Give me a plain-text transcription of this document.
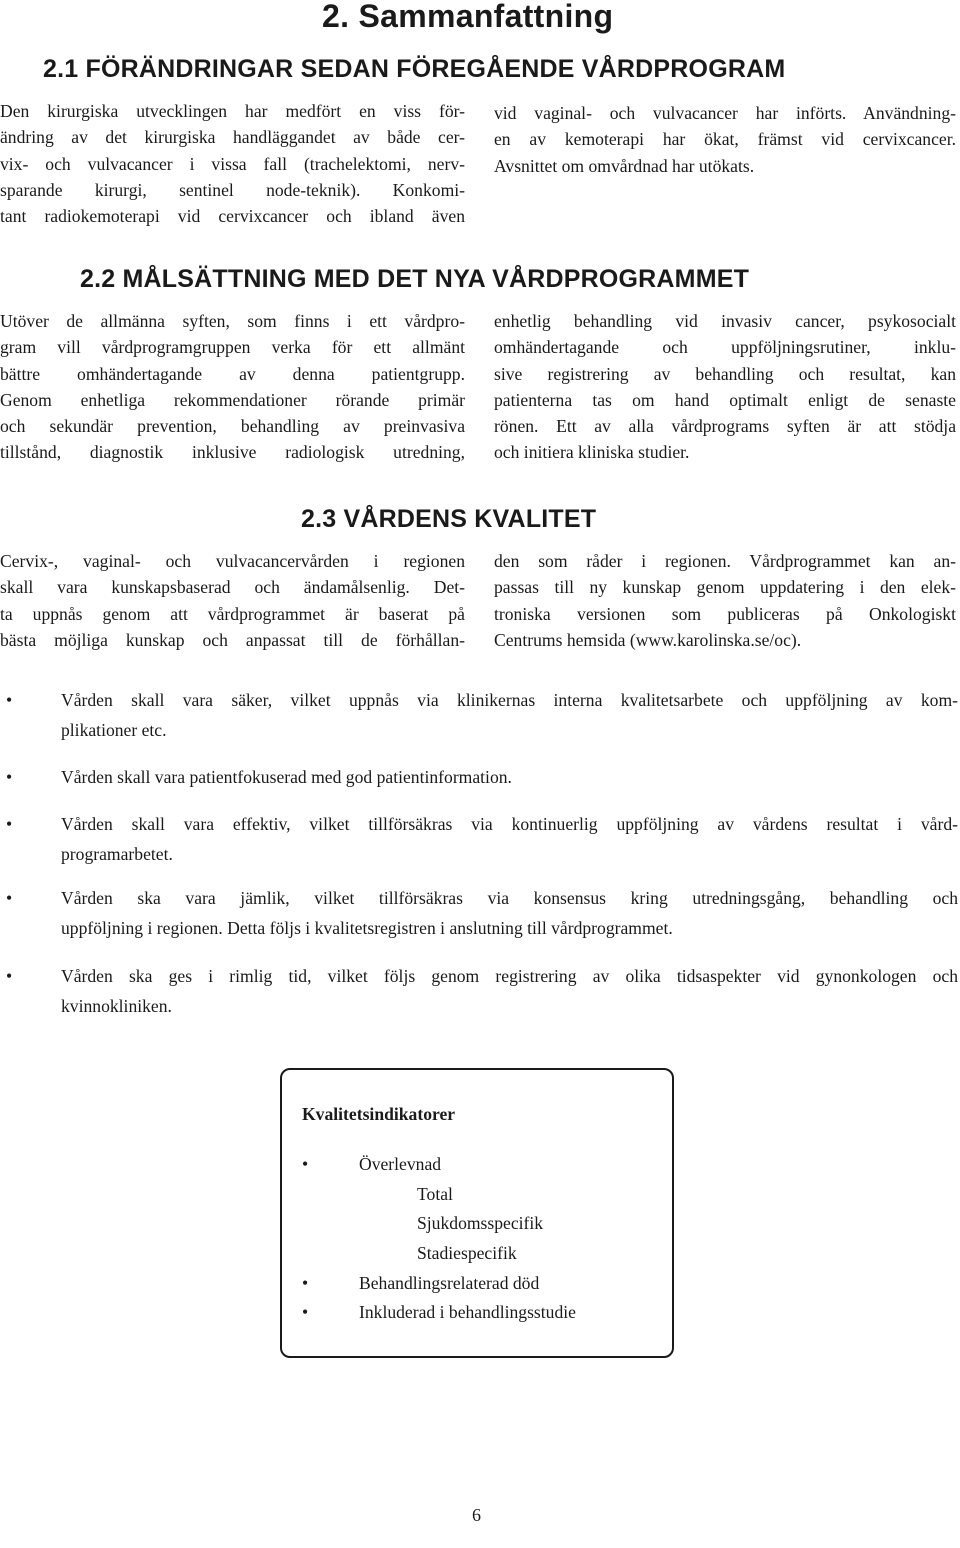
2. Sammanfattning
2.1 FÖRÄNDRINGAR SEDAN FÖREGÅENDE VÅRDPROGRAM
Den kirurgiska utvecklingen har medfört en viss för-
ändring av det kirurgiska handläggandet av både cer-
vix- och vulvacancer i vissa fall (trachelektomi, nerv-
sparande kirurgi, sentinel node-teknik). Konkomi-
tant radiokemoterapi vid cervixcancer och ibland även
vid vaginal- och vulvacancer har införts. Användning-
en av kemoterapi har ökat, främst vid cervixcancer.
Avsnittet om omvårdnad har utökats.
2.2 MÅLSÄTTNING MED DET NYA VÅRDPROGRAMMET
Utöver de allmänna syften, som finns i ett vårdpro-
gram vill vårdprogramgruppen verka för ett allmänt
bättre omhändertagande av denna patientgrupp.
Genom enhetliga rekommendationer rörande primär
och sekundär prevention, behandling av preinvasiva
tillstånd, diagnostik inklusive radiologisk utredning,
enhetlig behandling vid invasiv cancer, psykosocialt
omhändertagande och uppföljningsrutiner, inklu-
sive registrering av behandling och resultat, kan
patienterna tas om hand optimalt enligt de senaste
rönen. Ett av alla vårdprograms syften är att stödja
och initiera kliniska studier.
2.3 VÅRDENS KVALITET
Cervix-, vaginal- och vulvacancervården i regionen
skall vara kunskapsbaserad och ändamålsenlig. Det-
ta uppnås genom att vårdprogrammet är baserat på
bästa möjliga kunskap och anpassat till de förhållan-
den som råder i regionen. Vårdprogrammet kan an-
passas till ny kunskap genom uppdatering i den elek-
troniska versionen som publiceras på Onkologiskt
Centrums hemsida (www.karolinska.se/oc).
•	Vården skall vara säker, vilket uppnås via klinikernas interna kvalitetsarbete och uppföljning av kom-
plikationer etc.
•	Vården skall vara patientfokuserad med god patientinformation.
•	Vården skall vara effektiv, vilket tillförsäkras via kontinuerlig uppföljning av vårdens resultat i vård-
programarbetet.
•	Vården ska vara jämlik, vilket tillförsäkras via konsensus kring utredningsgång, behandling och
uppföljning i regionen. Detta följs i kvalitetsregistren i anslutning till vårdprogrammet.
•	Vården ska ges i rimlig tid, vilket följs genom registrering av olika tidsaspekter vid gynonkologen och
kvinnokliniken.
Kvalitetsindikatorer
•	Överlevnad
Total
Sjukdomsspecifik
Stadiespecifik
•	Behandlingsrelaterad död
•	Inkluderad i behandlingsstudie
6
